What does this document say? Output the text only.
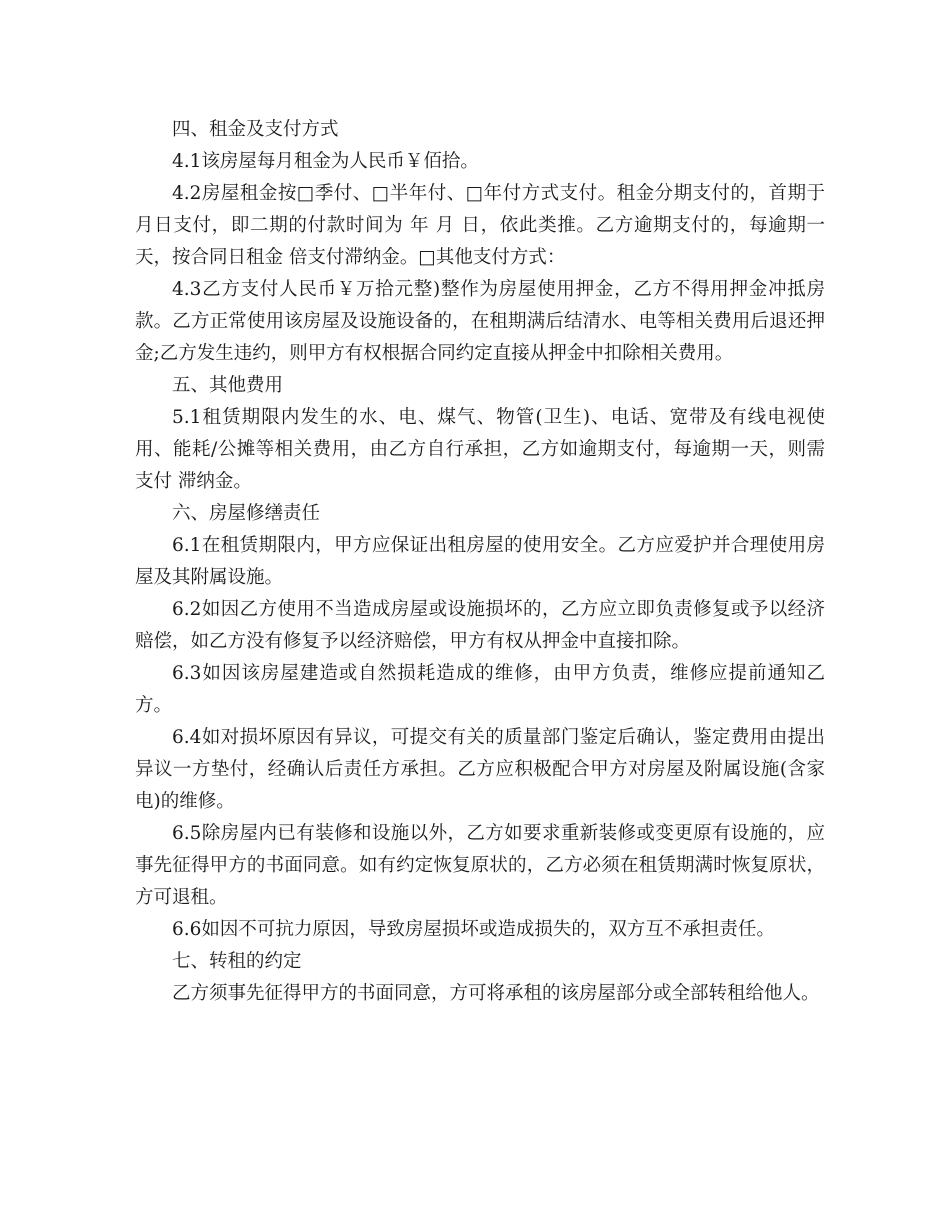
四、租金及支付方式

4.1该房屋每月租金为人民币￥佰拾。

4.2房屋租金按□季付、□半年付、□年付方式支付。租金分期支付的，首期于月日支付，即二期的付款时间为 年 月 日，依此类推。乙方逾期支付的，每逾期一天，按合同日租金 倍支付滞纳金。□其他支付方式：

4.3乙方支付人民币￥万拾元整)整作为房屋使用押金，乙方不得用押金冲抵房款。乙方正常使用该房屋及设施设备的，在租期满后结清水、电等相关费用后退还押金;乙方发生违约，则甲方有权根据合同约定直接从押金中扣除相关费用。

五、其他费用

5.1租赁期限内发生的水、电、煤气、物管(卫生)、电话、宽带及有线电视使用、能耗/公摊等相关费用，由乙方自行承担，乙方如逾期支付，每逾期一天，则需支付 滞纳金。

六、房屋修缮责任

6.1在租赁期限内，甲方应保证出租房屋的使用安全。乙方应爱护并合理使用房屋及其附属设施。

6.2如因乙方使用不当造成房屋或设施损坏的，乙方应立即负责修复或予以经济赔偿，如乙方没有修复予以经济赔偿，甲方有权从押金中直接扣除。

6.3如因该房屋建造或自然损耗造成的维修，由甲方负责，维修应提前通知乙方。

6.4如对损坏原因有异议，可提交有关的质量部门鉴定后确认，鉴定费用由提出异议一方垫付，经确认后责任方承担。乙方应积极配合甲方对房屋及附属设施(含家电)的维修。

6.5除房屋内已有装修和设施以外，乙方如要求重新装修或变更原有设施的，应事先征得甲方的书面同意。如有约定恢复原状的，乙方必须在租赁期满时恢复原状，方可退租。

6.6如因不可抗力原因，导致房屋损坏或造成损失的，双方互不承担责任。

七、转租的约定

乙方须事先征得甲方的书面同意，方可将承租的该房屋部分或全部转租给他人。
